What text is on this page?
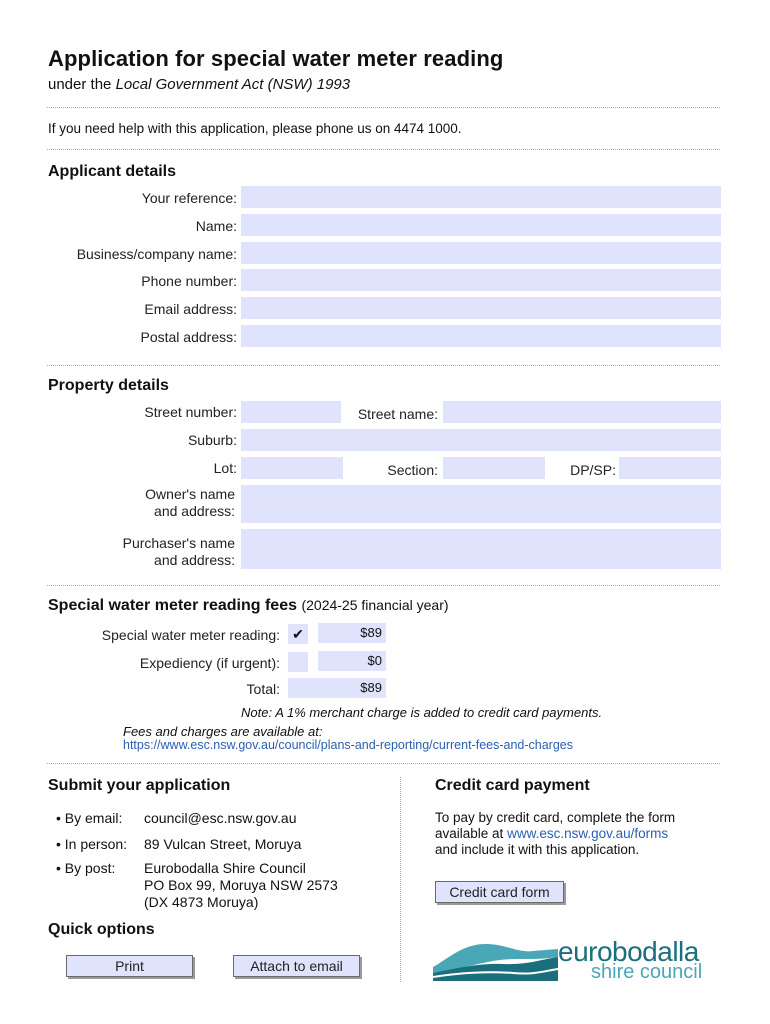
Application for special water meter reading
under the Local Government Act (NSW) 1993
If you need help with this application, please phone us on 4474 1000.
Applicant details
Your reference:
Name:
Business/company name:
Phone number:
Email address:
Postal address:
Property details
Street number:	Street name:
Suburb:
Lot:	Section:	DP/SP:
Owner's name
and address:
Purchaser's name
and address:
Special water meter reading fees (2024-25 financial year)
Special water meter reading: ✔	$89
Expediency (if urgent):	$0
Total:	$89
Note: A 1% merchant charge is added to credit card payments.
Fees and charges are available at:
https://www.esc.nsw.gov.au/council/plans-and-reporting/current-fees-and-charges
Submit your application
• By email: council@esc.nsw.gov.au
• In person: 89 Vulcan Street, Moruya
• By post: Eurobodalla Shire Council
PO Box 99, Moruya NSW 2573
(DX 4873 Moruya)
Quick options
Print	Attach to email
Credit card payment
To pay by credit card, complete the form
available at www.esc.nsw.gov.au/forms
and include it with this application.
Credit card form
eurobodalla
shire council
